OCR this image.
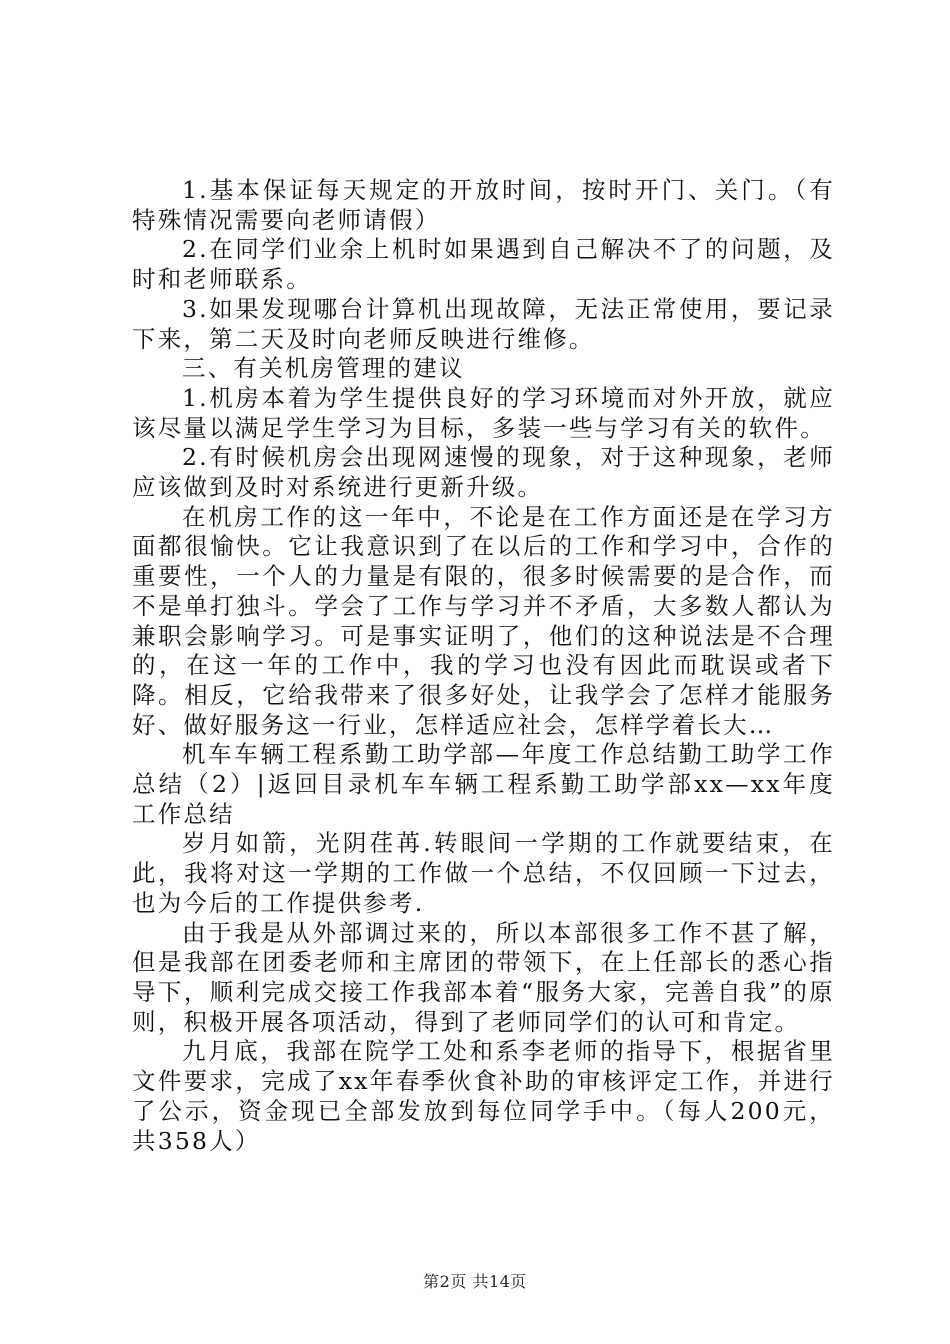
1.基本保证每天规定的开放时间，按时开门、关门。（有特殊情况需要向老师请假）

2.在同学们业余上机时如果遇到自己解决不了的问题，及时和老师联系。

3.如果发现哪台计算机出现故障，无法正常使用，要记录下来，第二天及时向老师反映进行维修。

三、有关机房管理的建议

1.机房本着为学生提供良好的学习环境而对外开放，就应该尽量以满足学生学习为目标，多装一些与学习有关的软件。

2.有时候机房会出现网速慢的现象，对于这种现象，老师应该做到及时对系统进行更新升级。

在机房工作的这一年中，不论是在工作方面还是在学习方面都很愉快。它让我意识到了在以后的工作和学习中，合作的重要性，一个人的力量是有限的，很多时候需要的是合作，而不是单打独斗。学会了工作与学习并不矛盾，大多数人都认为兼职会影响学习。可是事实证明了，他们的这种说法是不合理的，在这一年的工作中，我的学习也没有因此而耽误或者下降。相反，它给我带来了很多好处，让我学会了怎样才能服务好、做好服务这一行业，怎样适应社会，怎样学着长大…

机车车辆工程系勤工助学部—年度工作总结勤工助学工作总结（2）|返回目录机车车辆工程系勤工助学部xx—xx年度工作总结

岁月如箭，光阴荏苒.转眼间一学期的工作就要结束，在此，我将对这一学期的工作做一个总结，不仅回顾一下过去，也为今后的工作提供参考.

由于我是从外部调过来的，所以本部很多工作不甚了解，但是我部在团委老师和主席团的带领下，在上任部长的悉心指导下，顺利完成交接工作我部本着“服务大家，完善自我”的原则，积极开展各项活动，得到了老师同学们的认可和肯定。

九月底，我部在院学工处和系李老师的指导下，根据省里文件要求，完成了xx年春季伙食补助的审核评定工作，并进行了公示，资金现已全部发放到每位同学手中。（每人200元，共358人）

第2页 共14页
